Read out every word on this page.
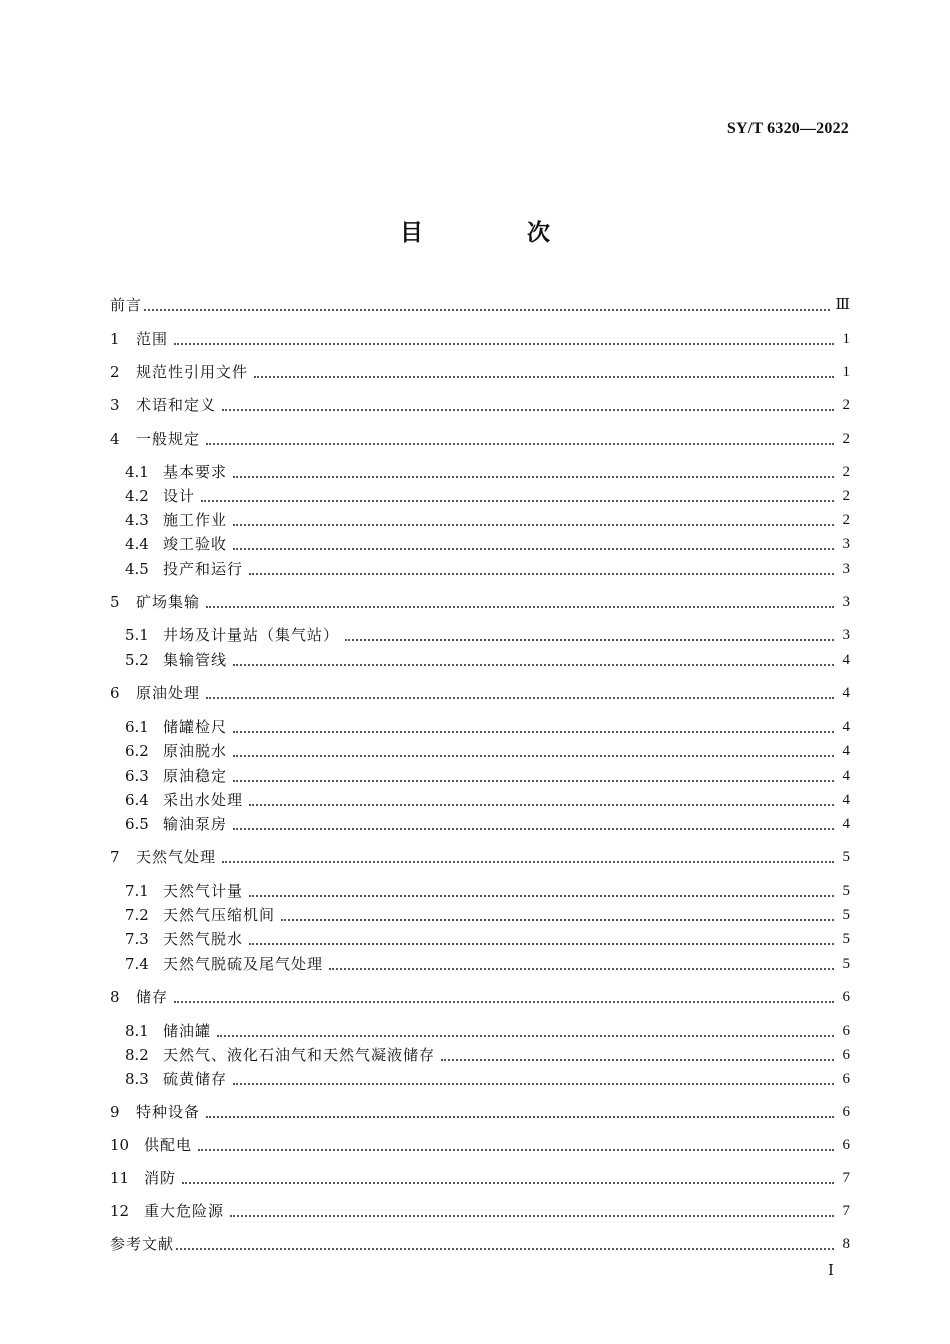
SY/T 6320—2022
目 次
前言	Ⅲ
1	范围	1
2	规范性引用文件	1
3	术语和定义	2
4	一般规定	2
4.1 基本要求	2
4.2 设计	2
4.3 施工作业	2
4.4 竣工验收	3
4.5 投产和运行	3
5	矿场集输	3
5.1 井场及计量站（集气站）	3
5.2 集输管线	4
6	原油处理	4
6.1 储罐检尺	4
6.2 原油脱水	4
6.3 原油稳定	4
6.4 采出水处理	4
6.5 输油泵房	4
7	天然气处理	5
7.1 天然气计量	5
7.2 天然气压缩机间	5
7.3 天然气脱水	5
7.4 天然气脱硫及尾气处理	5
8	储存	6
8.1 储油罐	6
8.2 天然气、液化石油气和天然气凝液储存	6
8.3 硫黄储存	6
9	特种设备	6
10 供配电	6
11 消防	7
12 重大危险源	7
参考文献	8
Ⅰ
